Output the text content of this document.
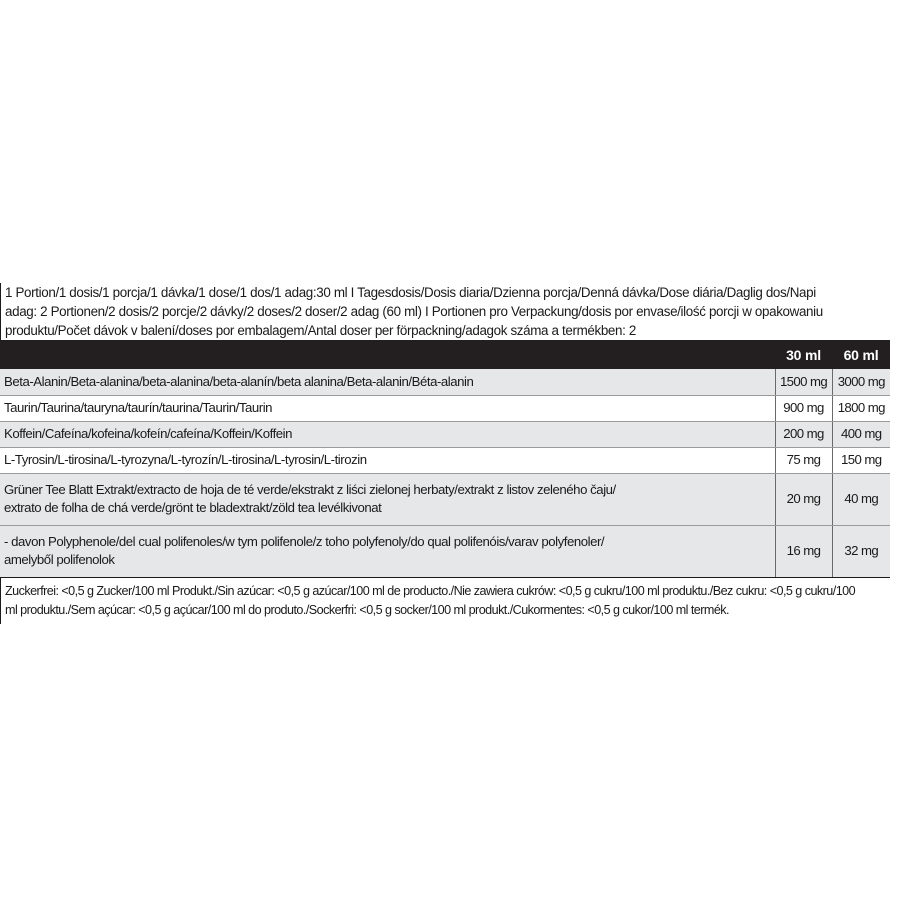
1 Portion/1 dosis/1 porcja/1 dávka/1 dose/1 dos/1 adag:30 ml I Tagesdosis/Dosis diaria/Dzienna porcja/Denná dávka/Dose diária/Daglig dos/Napi
adag: 2 Portionen/2 dosis/2 porcje/2 dávky/2 doses/2 doser/2 adag (60 ml) I Portionen pro Verpackung/dosis por envase/ilość porcji w opakowaniu
produktu/Počet dávok v balení/doses por embalagem/Antal doser per förpackning/adagok száma a termékben: 2
	30 ml	60 ml
Beta-Alanin/Beta-alanina/beta-alanina/beta-alanín/beta alanina/Beta-alanin/Béta-alanin	1500 mg	3000 mg
Taurin/Taurina/tauryna/taurín/taurina/Taurin/Taurin	900 mg	1800 mg
Koffein/Cafeína/kofeina/kofeín/cafeína/Koffein/Koffein	200 mg	400 mg
L-Tyrosin/L-tirosina/L-tyrozyna/L-tyrozín/L-tirosina/L-tyrosin/L-tirozin	75 mg	150 mg

Grüner Tee Blatt Extrakt/extracto de hoja de té verde/ekstrakt z liści zielonej herbaty/extrakt z listov zeleného čaju/
extrato de folha de chá verde/grönt te bladextrakt/zöld tea levélkivonat	20 mg	40 mg

- davon Polyphenole/del cual polifenoles/w tym polifenole/z toho polyfenoly/do qual polifenóis/varav polyfenoler/
amelyből polifenolok	16 mg	32 mg
Zuckerfrei: <0,5 g Zucker/100 ml Produkt./Sin azúcar: <0,5 g azúcar/100 ml de producto./Nie zawiera cukrów: <0,5 g cukru/100 ml produktu./Bez cukru: <0,5 g cukru/100
ml produktu./Sem açúcar: <0,5 g açúcar/100 ml do produto./Sockerfri: <0,5 g socker/100 ml produkt./Cukormentes: <0,5 g cukor/100 ml termék.
